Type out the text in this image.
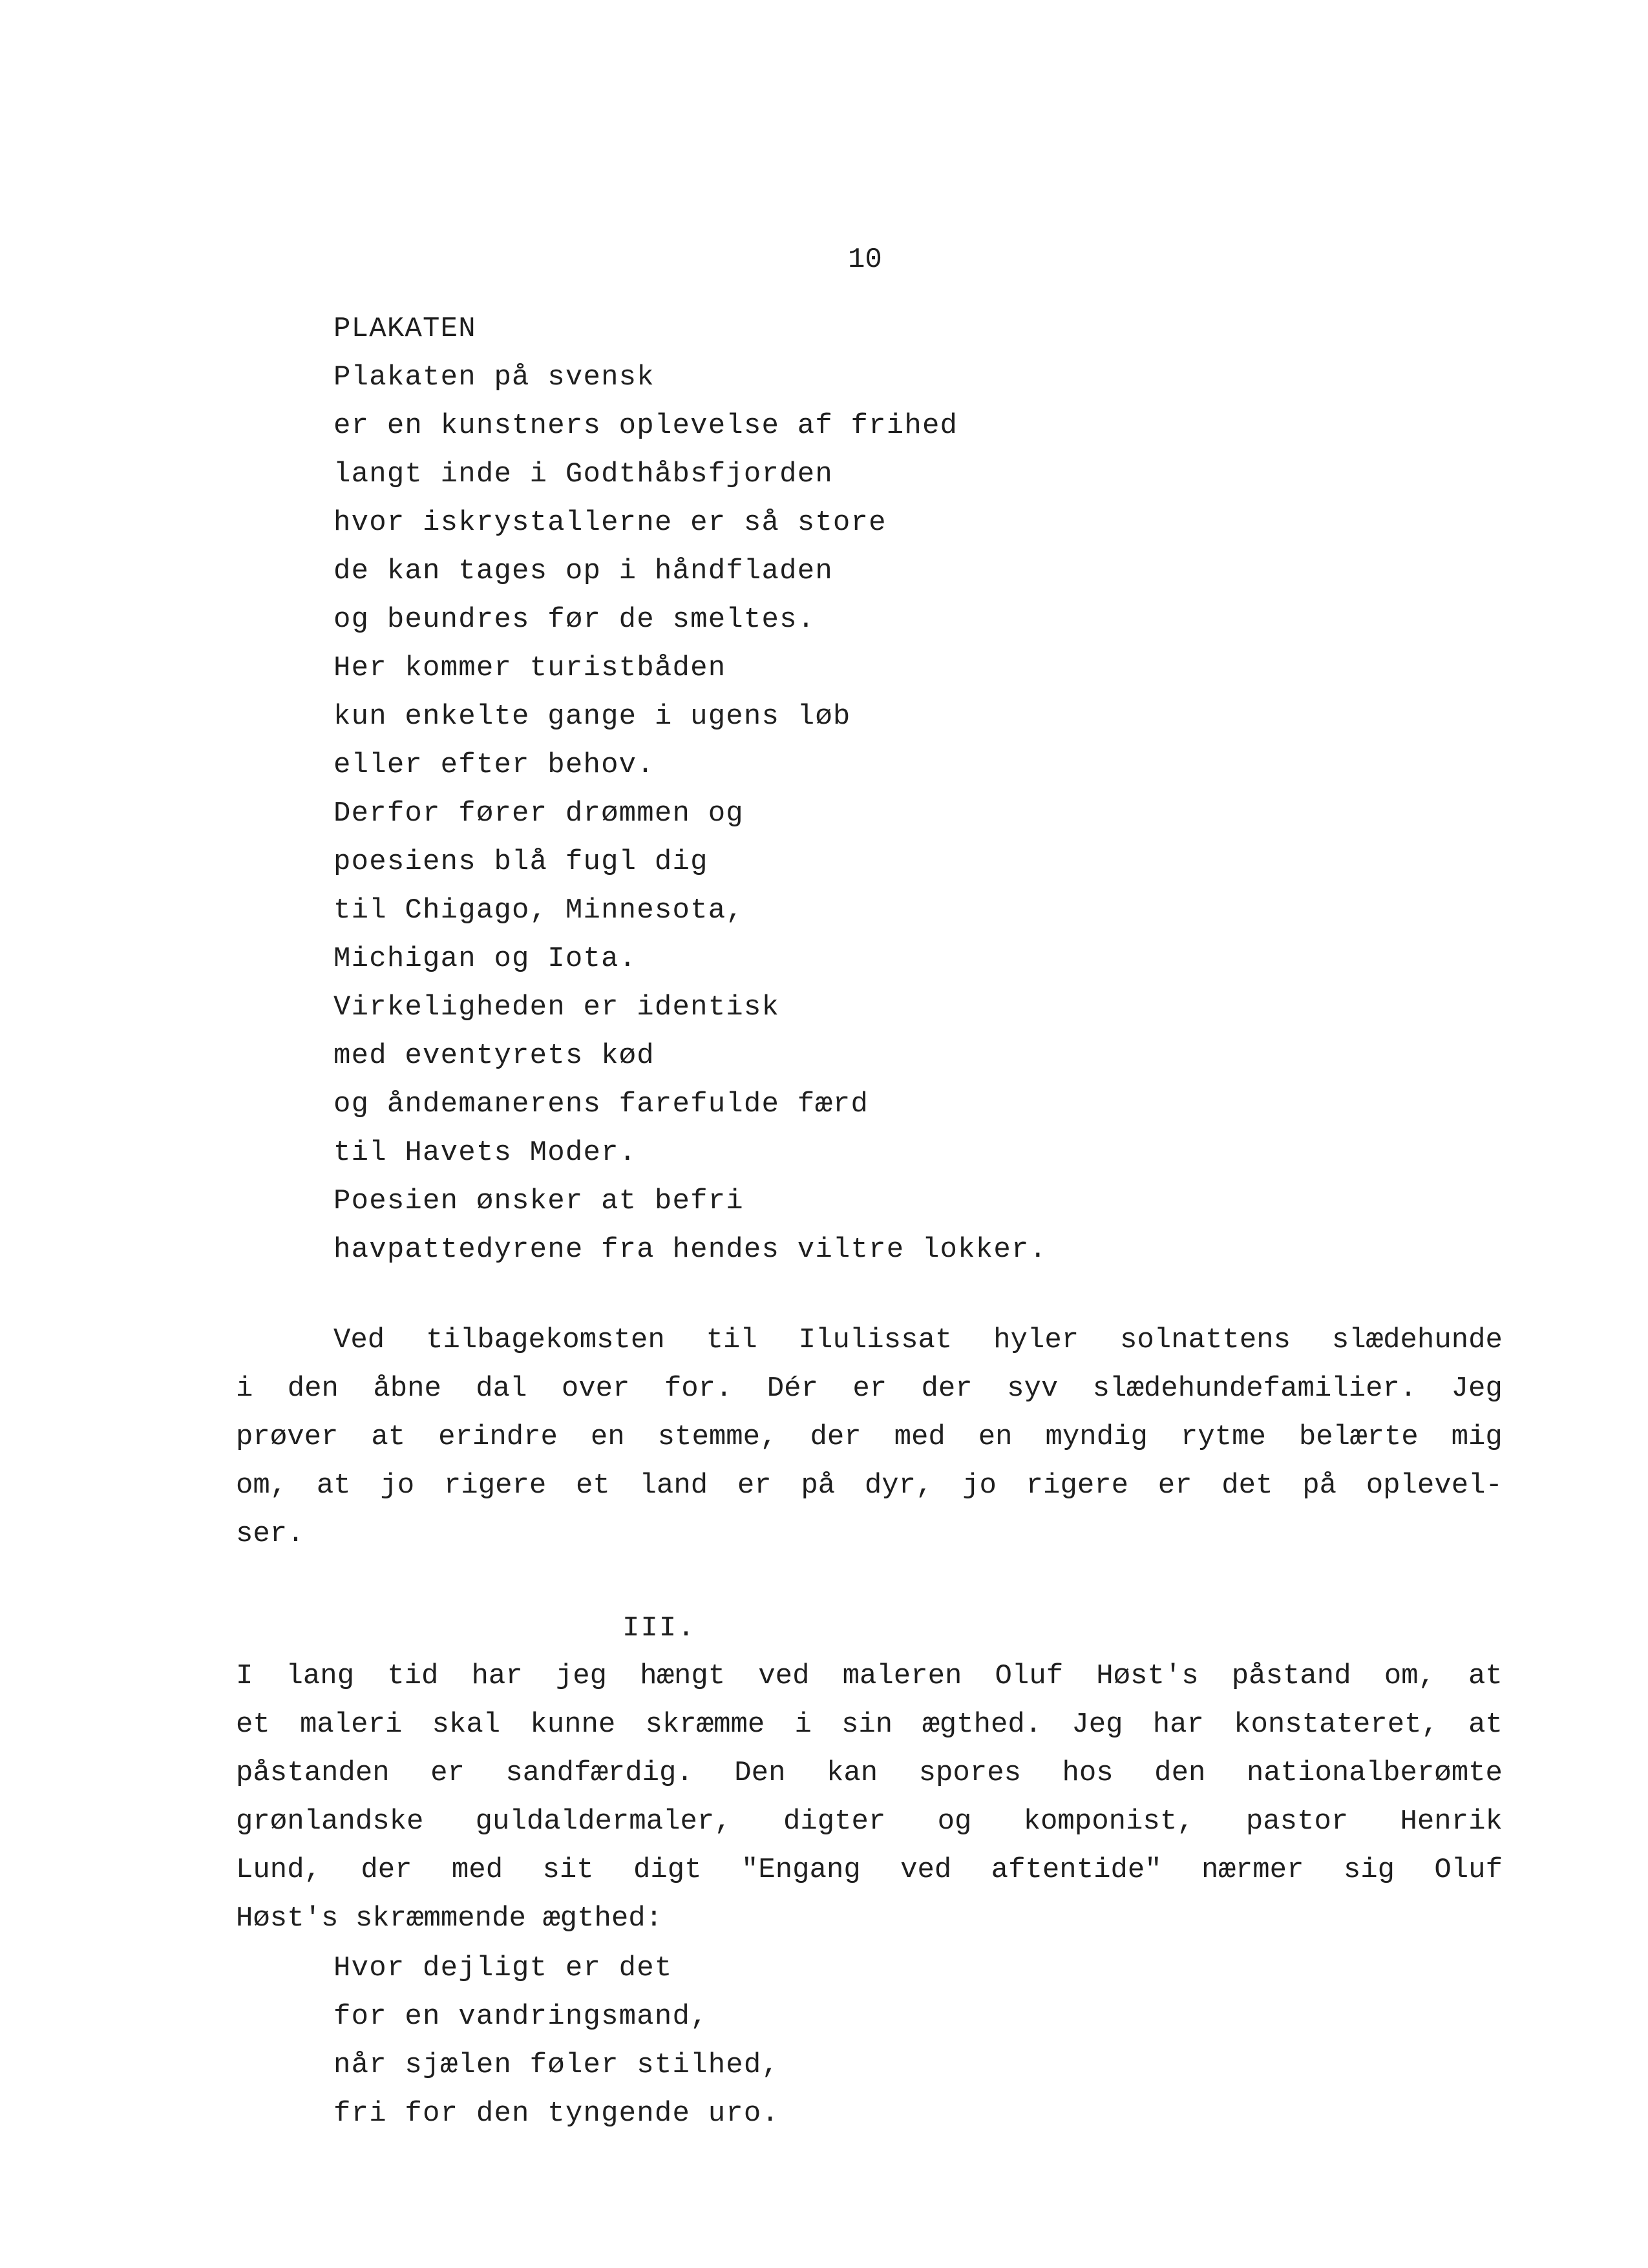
10

PLAKATEN
Plakaten på svensk
er en kunstners oplevelse af frihed
langt inde i Godthåbsfjorden
hvor iskrystallerne er så store
de kan tages op i håndfladen
og beundres før de smeltes.
Her kommer turistbåden
kun enkelte gange i ugens løb
eller efter behov.
Derfor fører drømmen og
poesiens blå fugl dig
til Chigago, Minnesota,
Michigan og Iota.
Virkeligheden er identisk
med eventyrets kød
og åndemanerens farefulde færd
til Havets Moder.
Poesien ønsker at befri
havpattedyrene fra hendes viltre lokker.
Ved tilbagekomsten til Ilulissat hyler solnattens slædehunde
i den åbne dal over for. Dér er der syv slædehundefamilier. Jeg
prøver at erindre en stemme, der med en myndig rytme belærte mig
om, at jo rigere et land er på dyr, jo rigere er det på oplevel-
ser.

III.

I lang tid har jeg hængt ved maleren Oluf Høst's påstand om, at
et maleri skal kunne skræmme i sin ægthed. Jeg har konstateret, at
påstanden er sandfærdig. Den kan spores hos den nationalberømte
grønlandske guldaldermaler, digter og komponist, pastor Henrik
Lund, der med sit digt "Engang ved aftentide" nærmer sig Oluf
Høst's skræmmende ægthed:
Hvor dejligt er det
for en vandringsmand,
når sjælen føler stilhed,
fri for den tyngende uro.
